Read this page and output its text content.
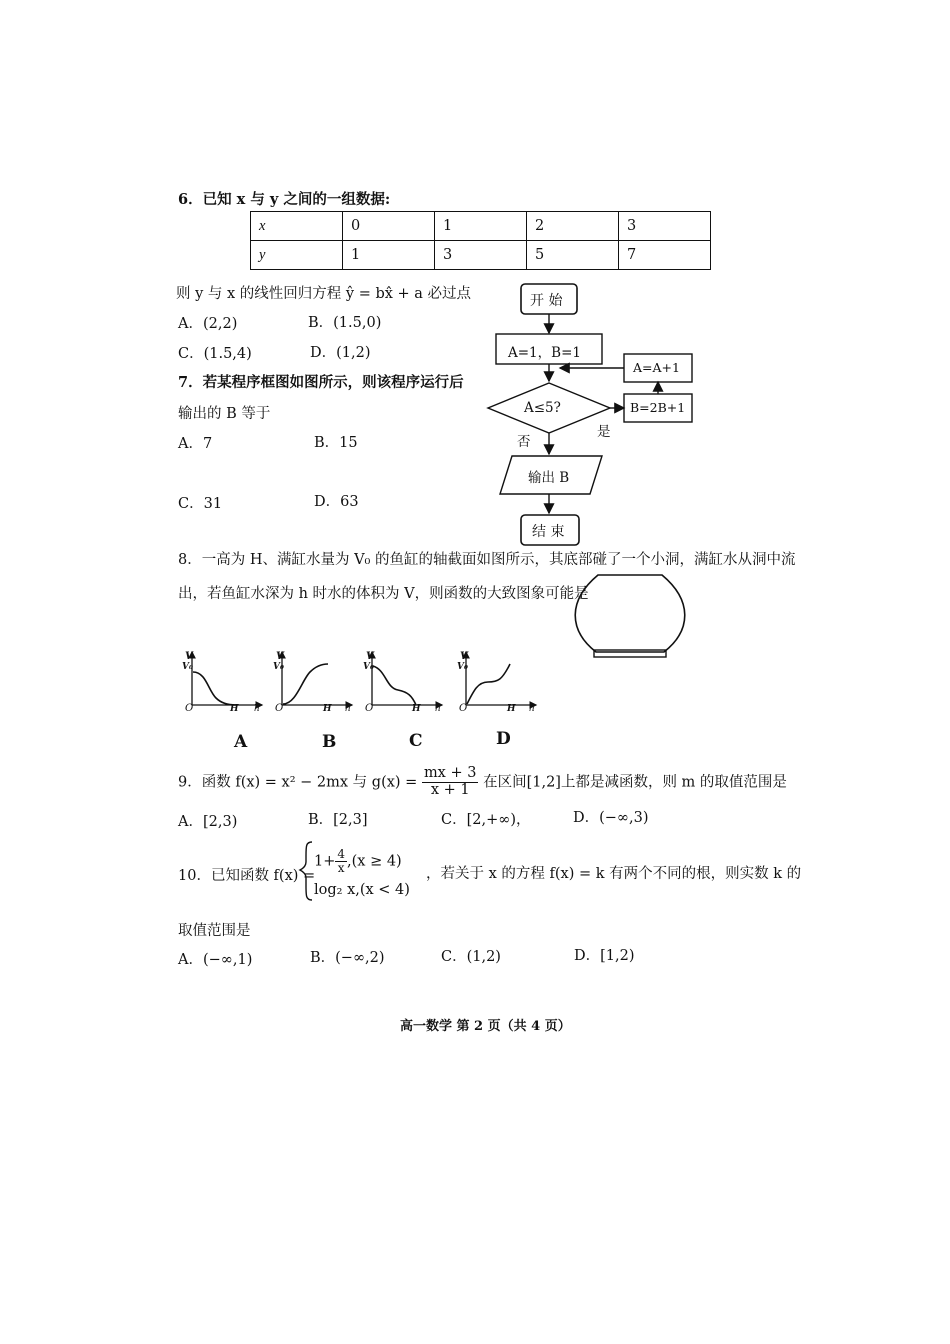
6．已知 x 与 y 之间的一组数据:
x	0	1	2	3
y	1	3	5	7
则 y 与 x 的线性回归方程 ŷ = bx̂ + a 必过点
A．(2,2)	B．(1.5,0)
C．(1.5,4)	D．(1,2)
7．若某程序框图如图所示，则该程序运行后
输出的 B 等于
A．7	B．15
C．31	D．63
开 始
A=1，B=1
A≤5?
否
是
B=2B+1
A=A+1
输出 B
结 束
8．一高为 H、满缸水量为 V₀ 的鱼缸的轴截面如图所示，其底部碰了一个小洞，满缸水从洞中流
出，若鱼缸水深为 h 时水的体积为 V，则函数的大致图象可能是
V
V₀
O	H h
V
V₀
O	H h
V
V₀
O	H h
V
V₀
O	H h
A	B	C	D
9．函数 f(x) = x² − 2mx 与 $g(x) = \frac{mx + 3}{x + 1}$ 在区间[1,2]上都是减函数，则 m 的取值范围是
A．[2,3)	B．[2,3]	C．[2,+∞)，	D．(−∞,3)
10．已知函数 f(x) =
$1+ \frac{4}{x} ,(x \ge 4)$
log₂ x,(x < 4)
，若关于 x 的方程 f(x) = k 有两个不同的根，则实数 k 的
取值范围是
A．(−∞,1)	B．(−∞,2)	C．(1,2)	D．[1,2)
高一数学 第 2 页（共 4 页）
